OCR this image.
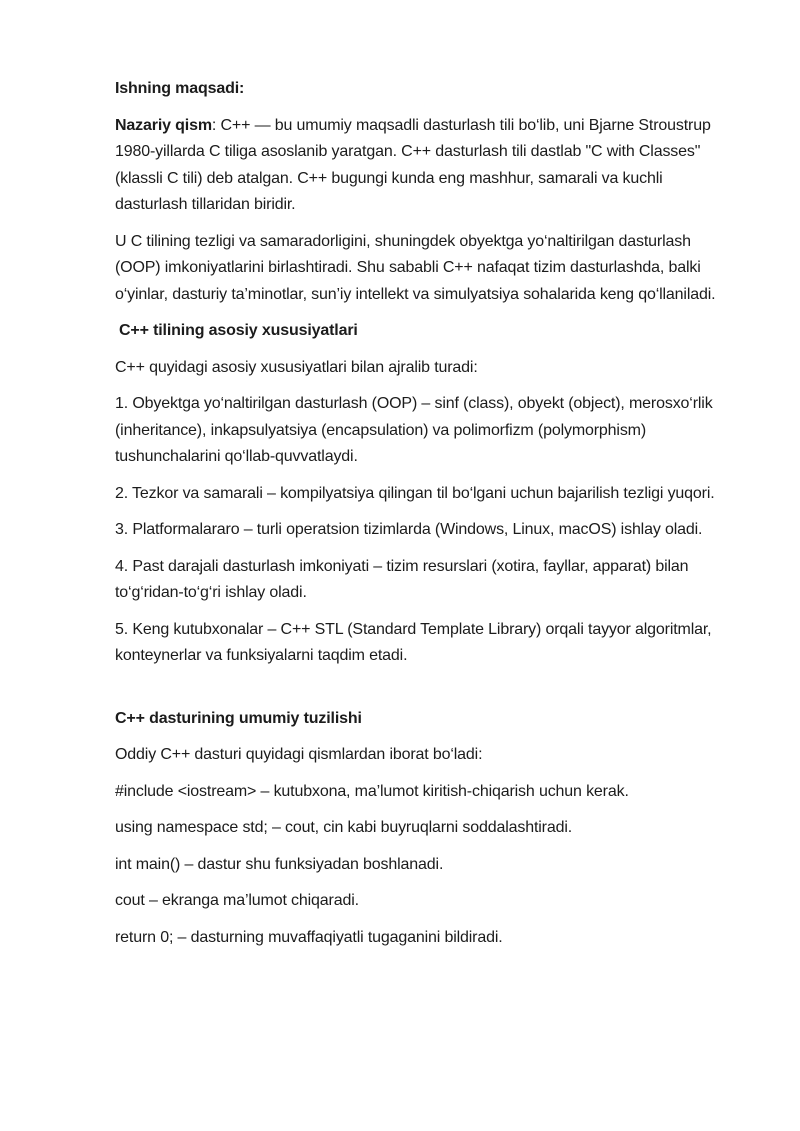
Ishning maqsadi:

Nazariy qism: C++ — bu umumiy maqsadli dasturlash tili bo‘lib, uni Bjarne Stroustrup 1980-yillarda C tiliga asoslanib yaratgan. C++ dasturlash tili dastlab "C with Classes" (klassli C tili) deb atalgan. C++ bugungi kunda eng mashhur, samarali va kuchli dasturlash tillaridan biridir.

U C tilining tezligi va samaradorligini, shuningdek obyektga yo‘naltirilgan dasturlash (OOP) imkoniyatlarini birlashtiradi. Shu sababli C++ nafaqat tizim dasturlashda, balki o‘yinlar, dasturiy ta’minotlar, sun’iy intellekt va simulyatsiya sohalarida keng qo‘llaniladi.

C++ tilining asosiy xususiyatlari

C++ quyidagi asosiy xususiyatlari bilan ajralib turadi:

1. Obyektga yo‘naltirilgan dasturlash (OOP) – sinf (class), obyekt (object), merosxo‘rlik (inheritance), inkapsulyatsiya (encapsulation) va polimorfizm (polymorphism) tushunchalarini qo‘llab-quvvatlaydi.

2. Tezkor va samarali – kompilyatsiya qilingan til bo‘lgani uchun bajarilish tezligi yuqori.

3. Platformalararo – turli operatsion tizimlarda (Windows, Linux, macOS) ishlay oladi.

4. Past darajali dasturlash imkoniyati – tizim resurslari (xotira, fayllar, apparat) bilan to‘g‘ridan-to‘g‘ri ishlay oladi.

5. Keng kutubxonalar – C++ STL (Standard Template Library) orqali tayyor algoritmlar, konteynerlar va funksiyalarni taqdim etadi.

C++ dasturining umumiy tuzilishi

Oddiy C++ dasturi quyidagi qismlardan iborat bo‘ladi:

#include <iostream> – kutubxona, ma’lumot kiritish-chiqarish uchun kerak.

using namespace std; – cout, cin kabi buyruqlarni soddalashtiradi.

int main() – dastur shu funksiyadan boshlanadi.

cout – ekranga ma’lumot chiqaradi.

return 0; – dasturning muvaffaqiyatli tugaganini bildiradi.
